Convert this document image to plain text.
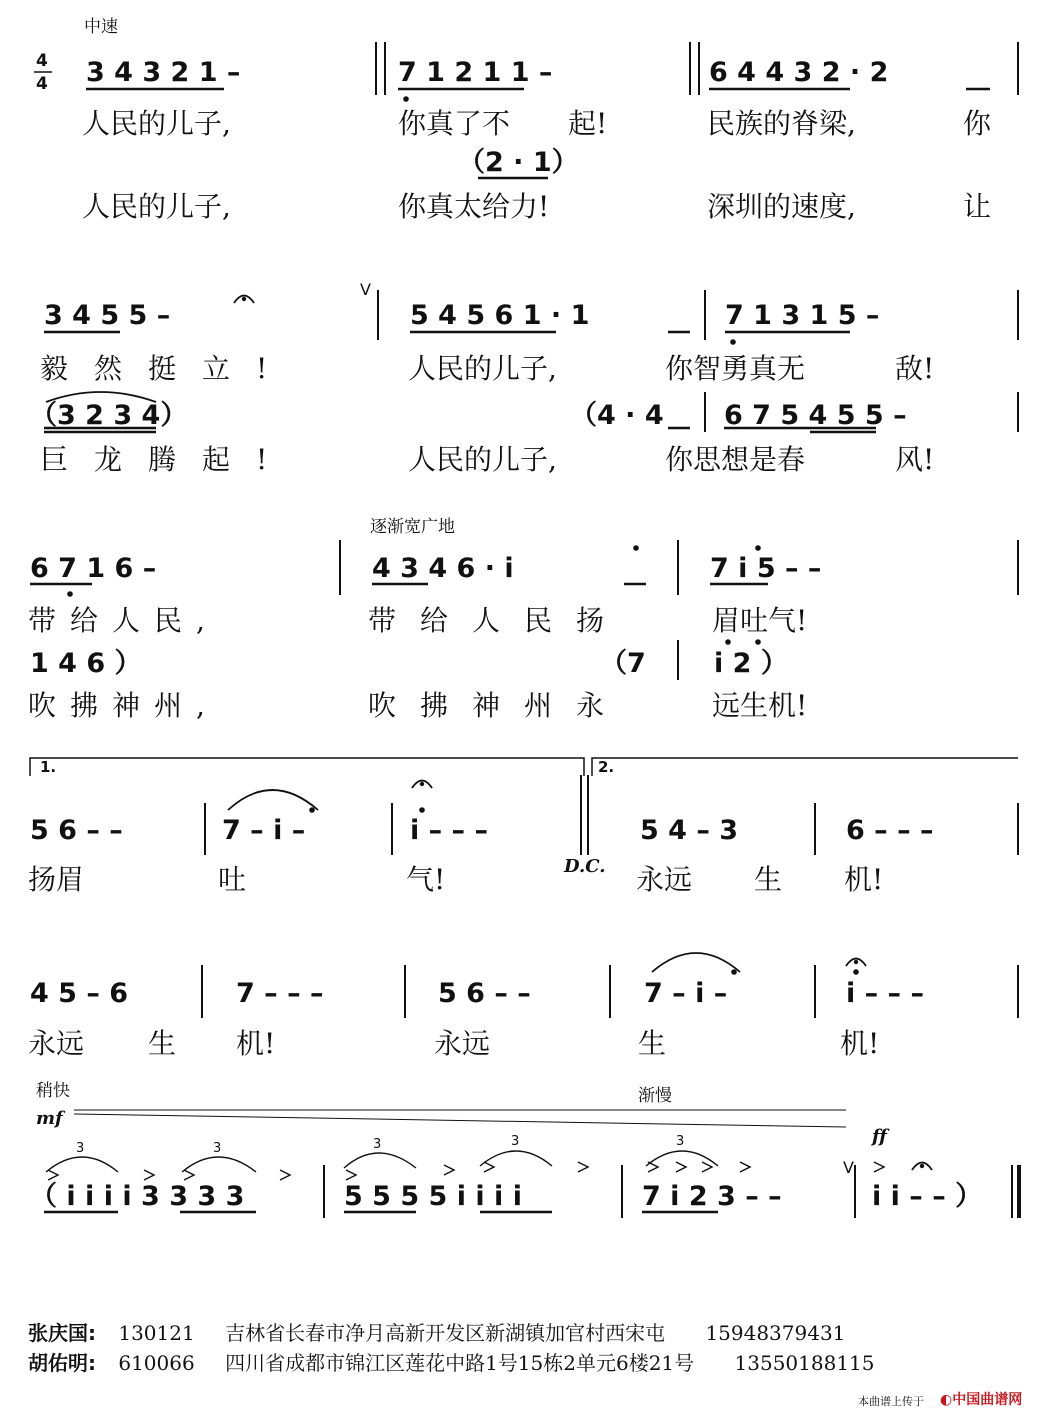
中速
4
4 3 4 3 2 1 –	7 1 2 1 1 –	6 4 4 3 2 · 2
人民的儿子,	你真了不 起!	民族的脊梁,	你
（2 · 1）
人民的儿子,	你真太给力!	深圳的速度,	让
3 4 5 5 –
V
5 4 5 6 1 · 1	7 1 3 1 5 –
毅然挺立!	人民的儿子,	你智勇真无	敌!
（3 2 3 4）	（4 · 4 6 7 5 4 5 5 –
巨龙腾起!	人民的儿子,	你思想是春	风!
逐渐宽广地
6 7 1 6 –	4 3 4 6 · i	7 i 5 – –
带给人民,	带给人民扬	眉吐气!
1 4 6 ）	（7	i 2 ）
吹拂神州,	吹拂神州永	远生机!
1.	2.
5 6 – –	7 – i –	i – – –	5 4 – 3	6 – – –
D.C.
扬眉	吐	气!	永远 生 机!
4 5 – 6	7 – – –	5 6 – –	7 – i –	i – – –
永远 生 机!	永远	生	机!
稍快
mf
渐慢
ff
V
3	3	3	3	3
（ i i i i 3 3 3 3	5 5 5 5 i i i i	7 i 2 3 – –	i i – – ）
张庆国: 130121 吉林省长春市净月高新开发区新湖镇加官村西宋屯 15948379431
胡佑明: 610066 四川省成都市锦江区莲花中路1号15栋2单元6楼21号 13550188115
本曲谱上传于 ◐中国曲谱网
